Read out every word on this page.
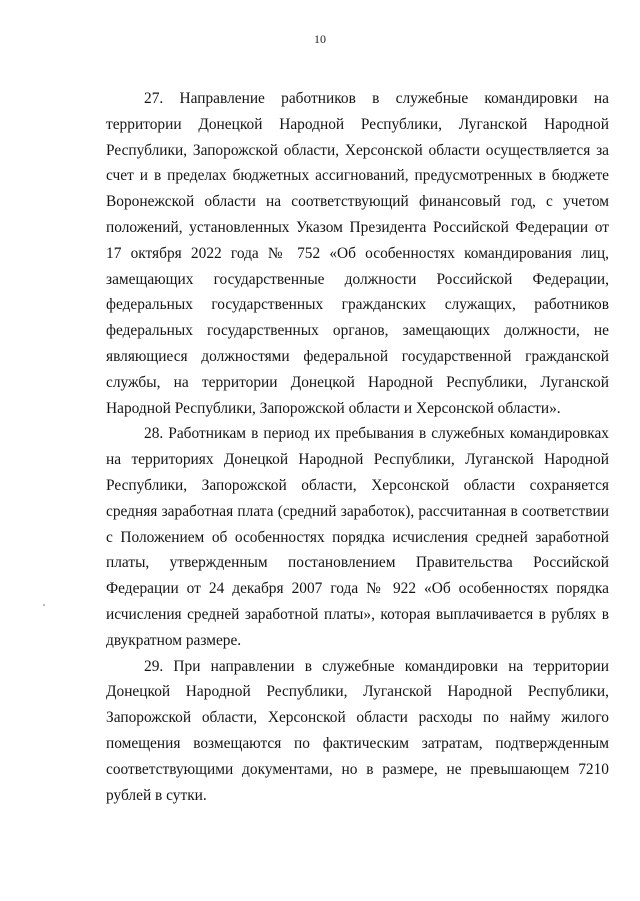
10

27. Направление работников в служебные командировки на территории Донецкой Народной Республики, Луганской Народной Республики, Запорожской области, Херсонской области осуществляется за счет и в пределах бюджетных ассигнований, предусмотренных в бюджете Воронежской области на соответствующий финансовый год, с учетом положений, установленных Указом Президента Российской Федерации от 17 октября 2022 года № 752 «Об особенностях командирования лиц, замещающих государственные должности Российской Федерации, федеральных государственных гражданских служащих, работников федеральных государственных органов, замещающих должности, не являющиеся должностями федеральной государственной гражданской службы, на территории Донецкой Народной Республики, Луганской Народной Республики, Запорожской области и Херсонской области».

28. Работникам в период их пребывания в служебных командировках на территориях Донецкой Народной Республики, Луганской Народной Республики, Запорожской области, Херсонской области сохраняется средняя заработная плата (средний заработок), рассчитанная в соответствии с Положением об особенностях порядка исчисления средней заработной платы, утвержденным постановлением Правительства Российской Федерации от 24 декабря 2007 года № 922 «Об особенностях порядка исчисления средней заработной платы», которая выплачивается в рублях в двукратном размере.

29. При направлении в служебные командировки на территории Донецкой Народной Республики, Луганской Народной Республики, Запорожской области, Херсонской области расходы по найму жилого помещения возмещаются по фактическим затратам, подтвержденным соответствующими документами, но в размере, не превышающем 7210 рублей в сутки.
